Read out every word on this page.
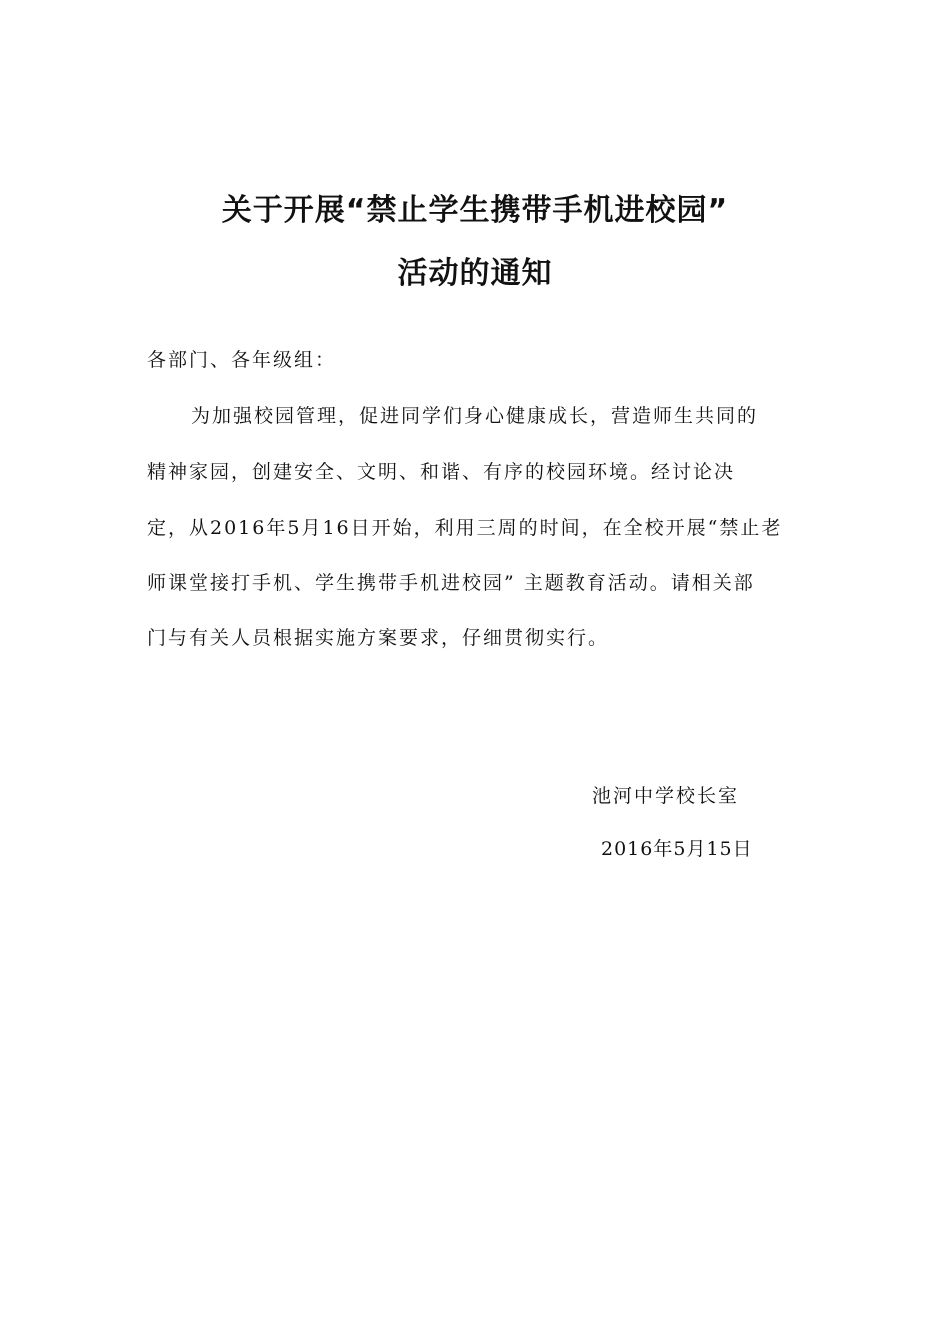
关于开展“禁止学生携带手机进校园”
活动的通知
各部门、各年级组：
为加强校园管理，促进同学们身心健康成长，营造师生共同的
精神家园，创建安全、文明、和谐、有序的校园环境。经讨论决
定，从2016年5月16日开始，利用三周的时间，在全校开展“禁止老
师课堂接打手机、学生携带手机进校园” 主题教育活动。请相关部
门与有关人员根据实施方案要求，仔细贯彻实行。
池河中学校长室
2016年5月15日
